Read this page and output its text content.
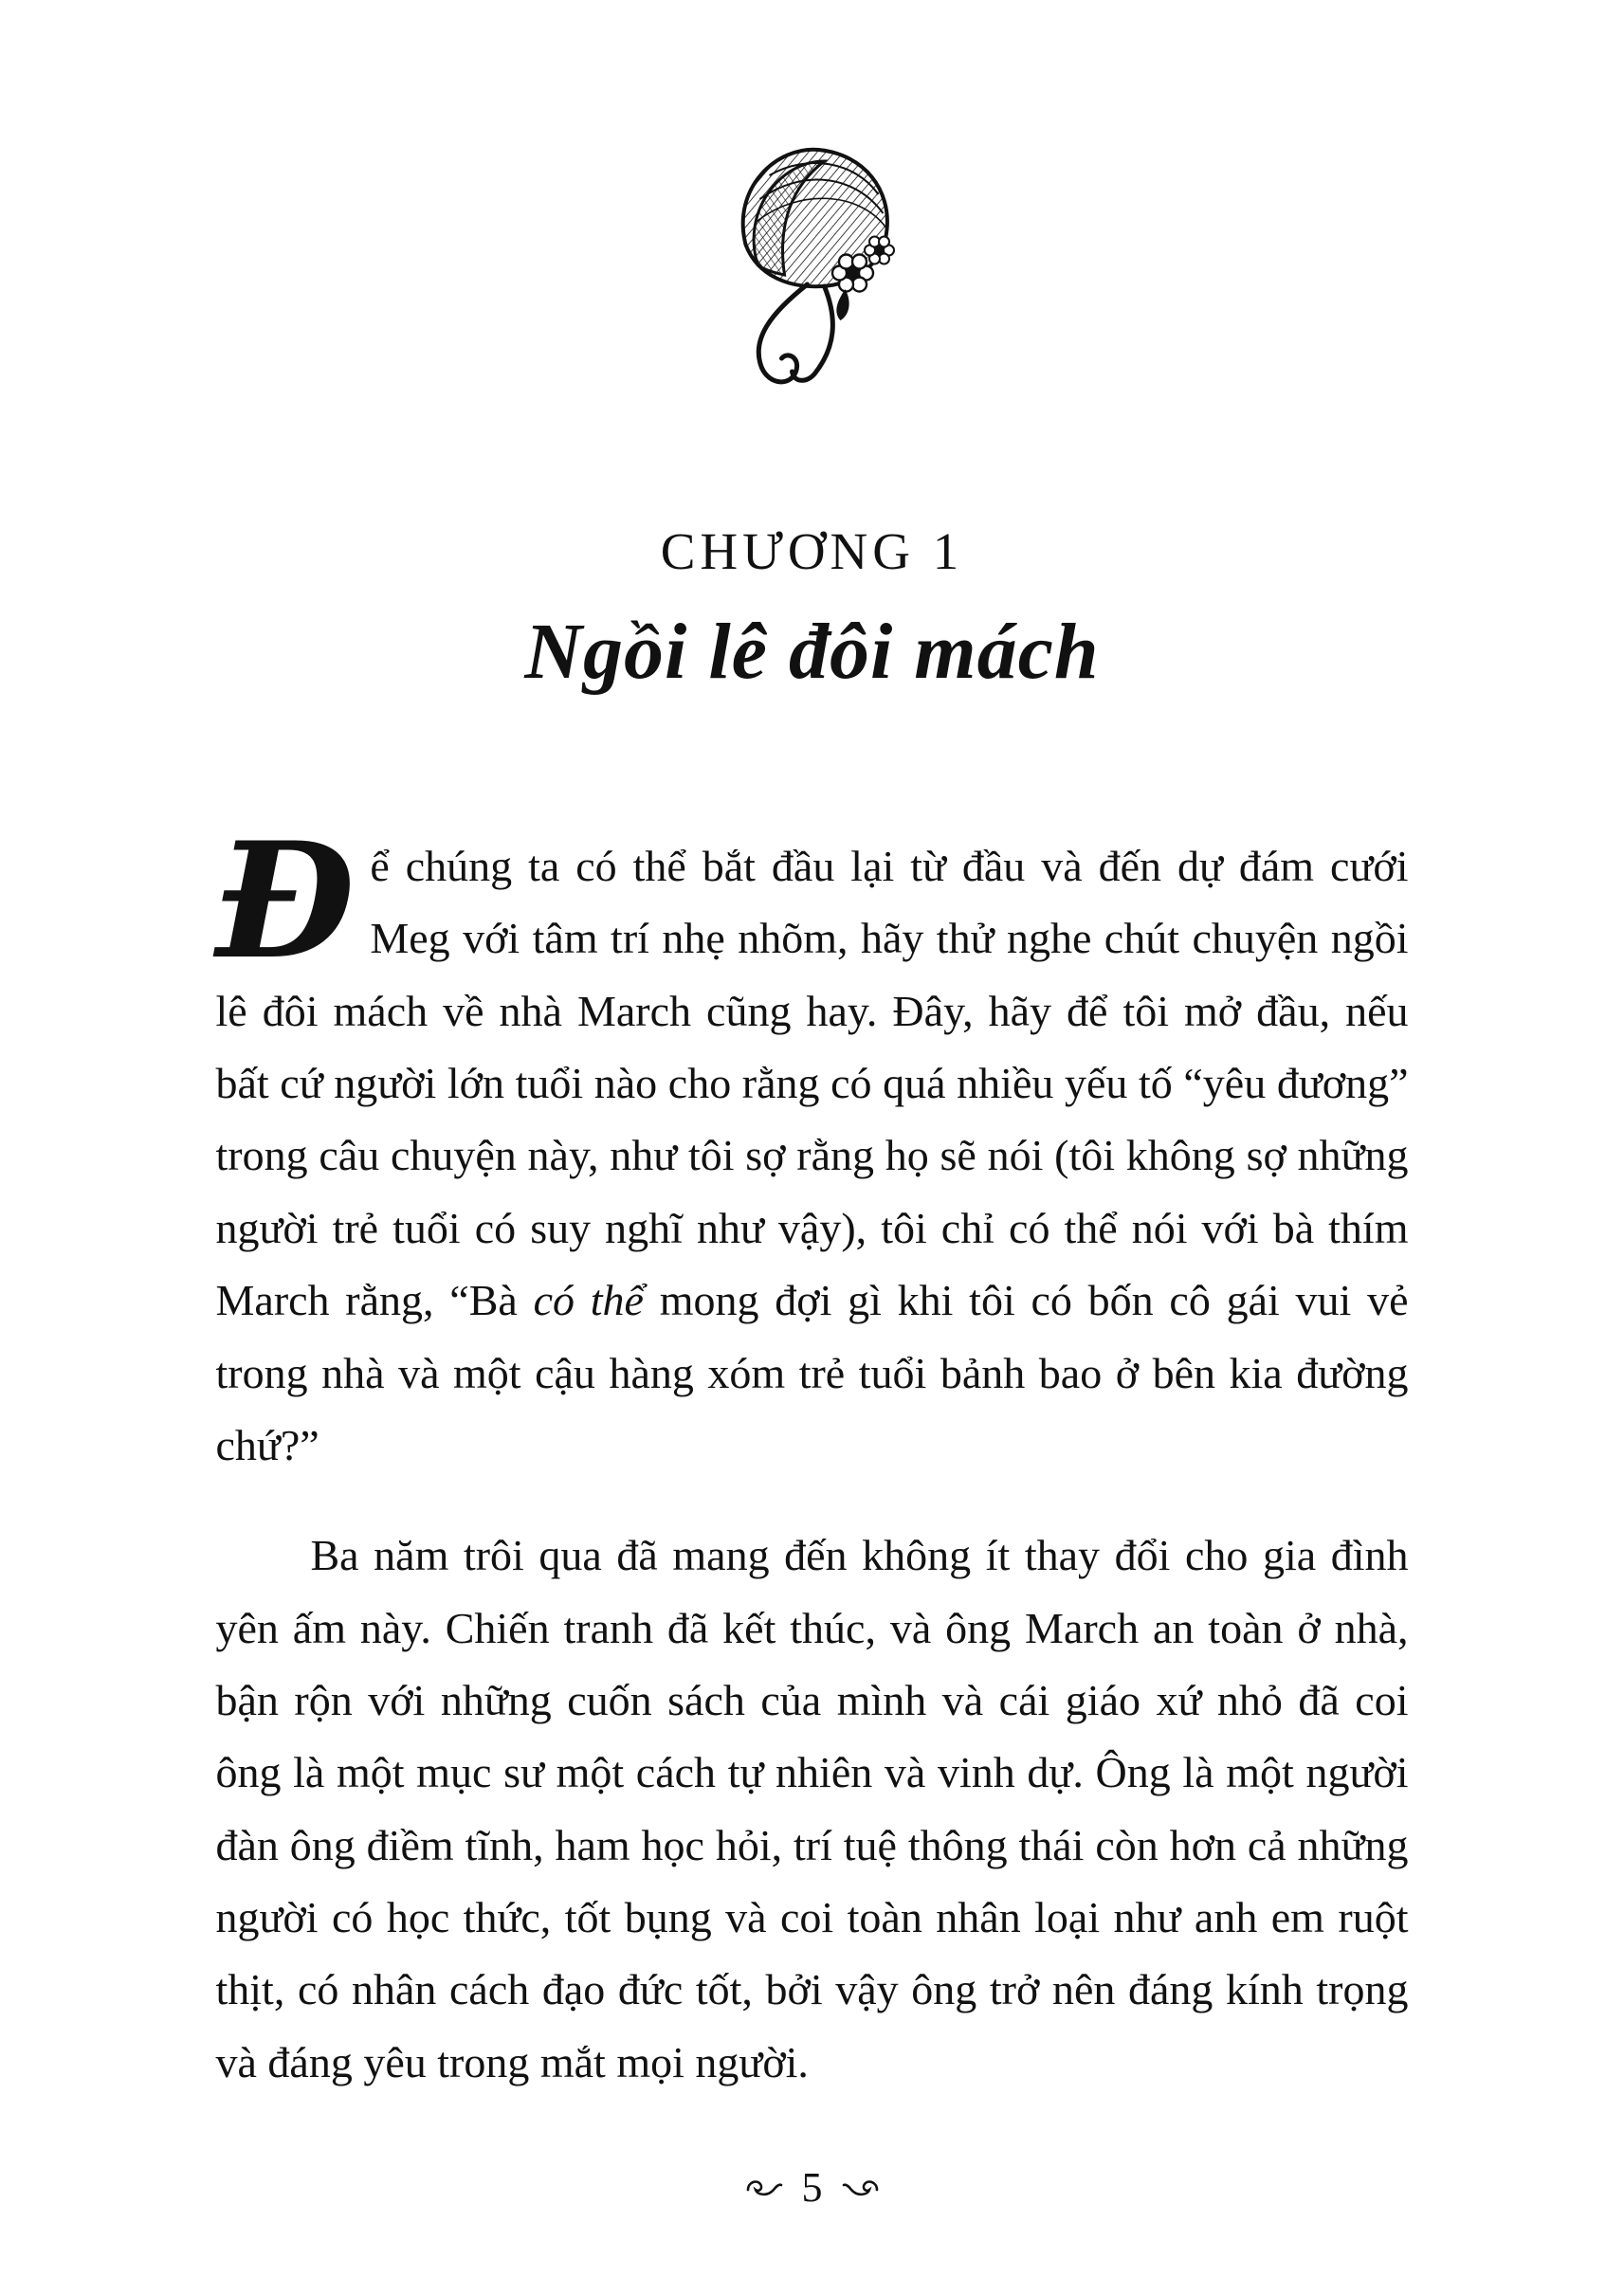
CHƯƠNG 1
Ngồi lê đôi mách

Để chúng ta có thể bắt đầu lại từ đầu và đến dự đám cưới Meg với tâm trí nhẹ nhõm, hãy thử nghe chút chuyện ngồi lê đôi mách về nhà March cũng hay. Đây, hãy để tôi mở đầu, nếu bất cứ người lớn tuổi nào cho rằng có quá nhiều yếu tố “yêu đương” trong câu chuyện này, như tôi sợ rằng họ sẽ nói (tôi không sợ những người trẻ tuổi có suy nghĩ như vậy), tôi chỉ có thể nói với bà thím March rằng, “Bà có thể mong đợi gì khi tôi có bốn cô gái vui vẻ trong nhà và một cậu hàng xóm trẻ tuổi bảnh bao ở bên kia đường chứ?”

Ba năm trôi qua đã mang đến không ít thay đổi cho gia đình yên ấm này. Chiến tranh đã kết thúc, và ông March an toàn ở nhà, bận rộn với những cuốn sách của mình và cái giáo xứ nhỏ đã coi ông là một mục sư một cách tự nhiên và vinh dự. Ông là một người đàn ông điềm tĩnh, ham học hỏi, trí tuệ thông thái còn hơn cả những người có học thức, tốt bụng và coi toàn nhân loại như anh em ruột thịt, có nhân cách đạo đức tốt, bởi vậy ông trở nên đáng kính trọng và đáng yêu trong mắt mọi người.

5
